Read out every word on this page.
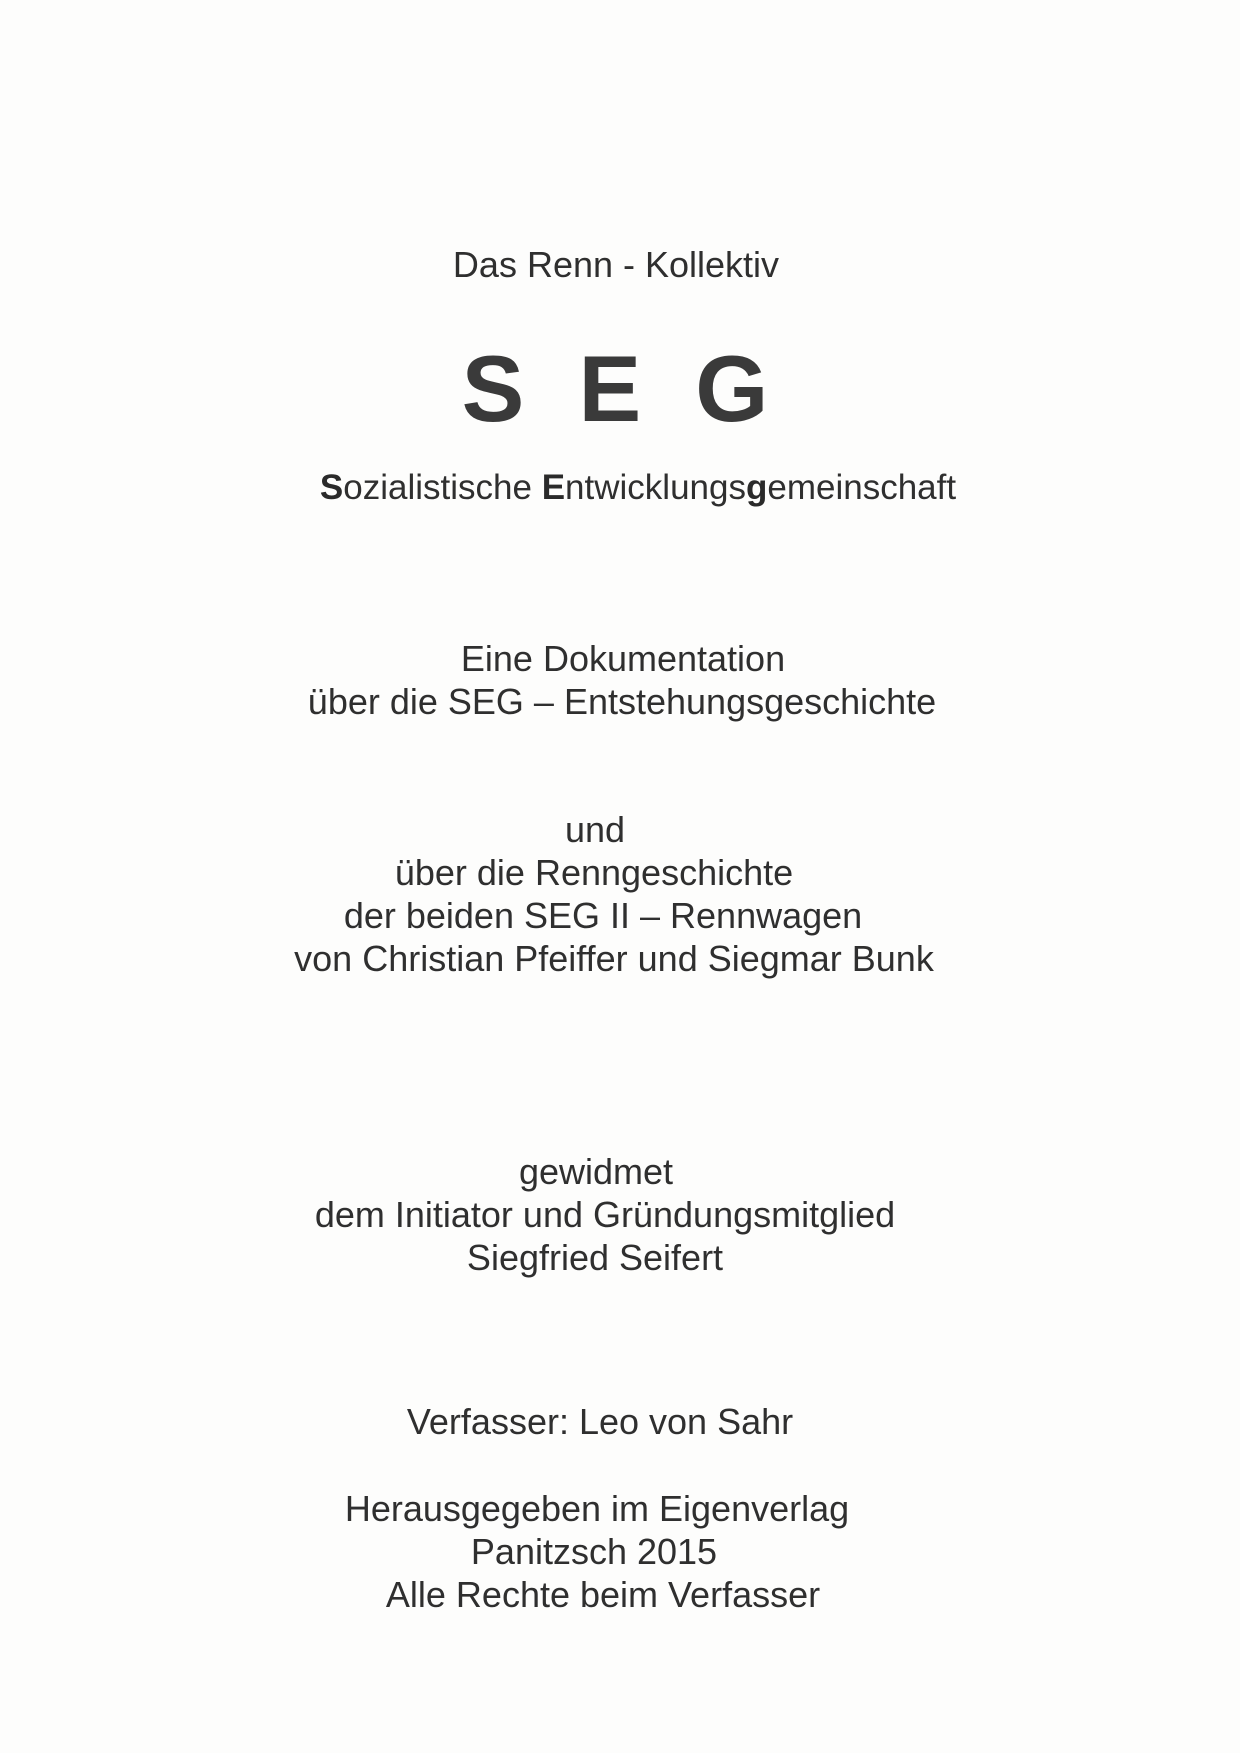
Das Renn - Kollektiv
S E G
Sozialistische Entwicklungsgemeinschaft
Eine Dokumentation
über die SEG – Entstehungsgeschichte
und
über die Renngeschichte
der beiden SEG II – Rennwagen
von Christian Pfeiffer und Siegmar Bunk
gewidmet
dem Initiator und Gründungsmitglied
Siegfried Seifert
Verfasser: Leo von Sahr
Herausgegeben im Eigenverlag
Panitzsch 2015
Alle Rechte beim Verfasser
